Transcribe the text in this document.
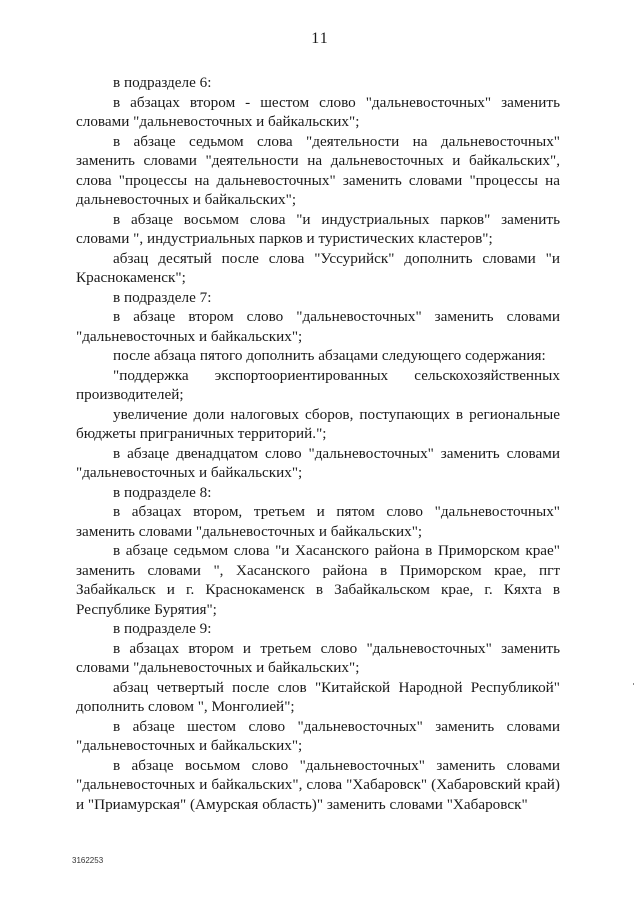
11

в подразделе 6:

в абзацах втором - шестом слово "дальневосточных" заменить словами "дальневосточных и байкальских";

в абзаце седьмом слова "деятельности на дальневосточных" заменить словами "деятельности на дальневосточных и байкальских", слова "процессы на дальневосточных" заменить словами "процессы на дальневосточных и байкальских";

в абзаце восьмом слова "и индустриальных парков" заменить словами ", индустриальных парков и туристических кластеров";

абзац десятый после слова "Уссурийск" дополнить словами "и Краснокаменск";

в подразделе 7:

в абзаце втором слово "дальневосточных" заменить словами "дальневосточных и байкальских";

после абзаца пятого дополнить абзацами следующего содержания:

"поддержка экспортоориентированных сельскохозяйственных производителей;

увеличение доли налоговых сборов, поступающих в региональные бюджеты приграничных территорий.";

в абзаце двенадцатом слово "дальневосточных" заменить словами "дальневосточных и байкальских";

в подразделе 8:

в абзацах втором, третьем и пятом слово "дальневосточных" заменить словами "дальневосточных и байкальских";

в абзаце седьмом слова "и Хасанского района в Приморском крае" заменить словами ", Хасанского района в Приморском крае, пгт Забайкальск и г. Краснокаменск в Забайкальском крае, г. Кяхта в Республике Бурятия";

в подразделе 9:

в абзацах втором и третьем слово "дальневосточных" заменить словами "дальневосточных и байкальских";

абзац четвертый после слов "Китайской Народной Республикой" дополнить словом ", Монголией";

в абзаце шестом слово "дальневосточных" заменить словами "дальневосточных и байкальских";

в абзаце восьмом слово "дальневосточных" заменить словами "дальневосточных и байкальских", слова "Хабаровск" (Хабаровский край) и "Приамурская" (Амурская область)" заменить словами "Хабаровск"

3162253
